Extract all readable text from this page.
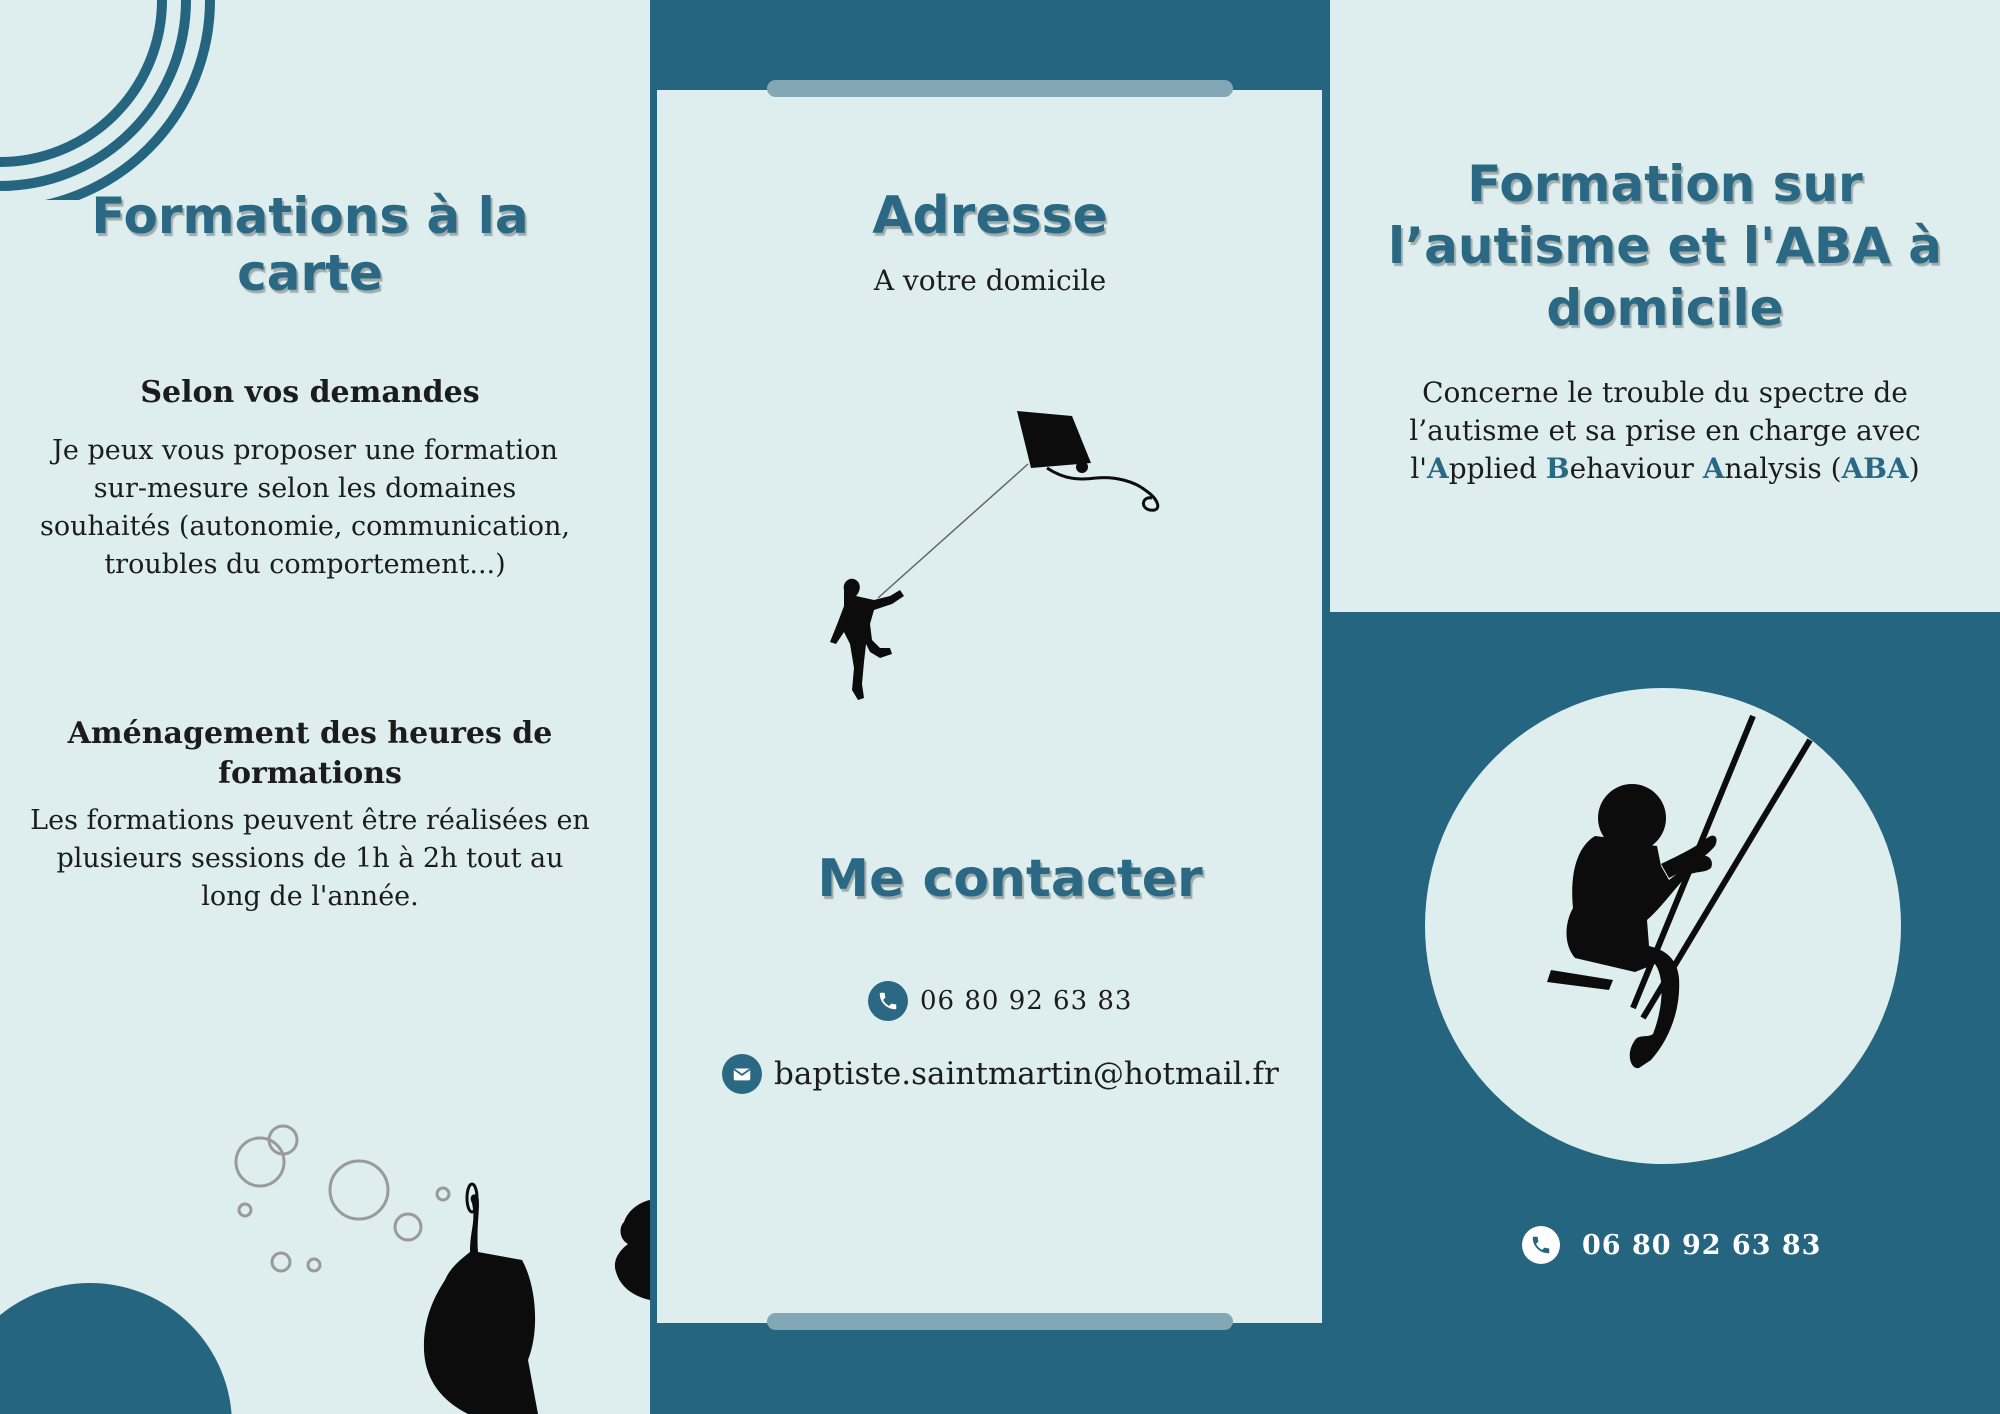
Formations à la carte
Selon vos demandes

Je peux vous proposer une formation sur-mesure selon les domaines souhaités (autonomie, communication, troubles du comportement...)

Aménagement des heures de formations

Les formations peuvent être réalisées en plusieurs sessions de 1h à 2h tout au long de l'année.

Adresse

A votre domicile

Me contacter
06 80 92 63 83
baptiste.saintmartin@hotmail.fr
Formation sur l’autisme et l'ABA à domicile

Concerne le trouble du spectre de l’autisme et sa prise en charge avec l'Applied Behaviour Analysis (ABA)

06 80 92 63 83
